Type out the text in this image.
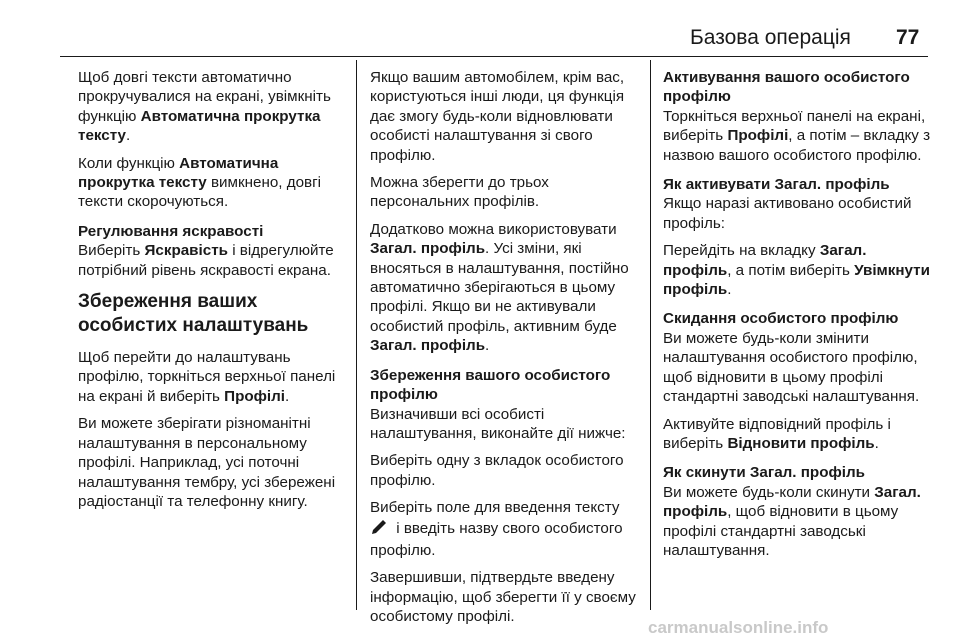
Базова операція 77

Щоб довгі тексти автоматично прокручувалися на екрані, увімкніть функцію Автоматична прокрутка тексту.

Коли функцію Автоматична прокрутка тексту вимкнено, довгі тексти скорочуються.

Регулювання яскравості

Виберіть Яскравість і відрегулюйте потрібний рівень яскравості екрана.

Збереження ваших особистих налаштувань

Щоб перейти до налаштувань профілю, торкніться верхньої панелі на екрані й виберіть Профілі.

Ви можете зберігати різноманітні налаштування в персональному профілі. Наприклад, усі поточні налаштування тембру, усі збережені радіостанції та телефонну книгу.

Якщо вашим автомобілем, крім вас, користуються інші люди, ця функція дає змогу будь-коли відновлювати особисті налаштування зі свого профілю.

Можна зберегти до трьох персональних профілів.

Додатково можна використовувати Загал. профіль. Усі зміни, які вносяться в налаштування, постійно автоматично зберігаються в цьому профілі. Якщо ви не активували особистий профіль, активним буде Загал. профіль.

Збереження вашого особистого профілю

Визначивши всі особисті налаштування, виконайте дії нижче:

Виберіть одну з вкладок особистого профілю.

Виберіть поле для введення тексту
і введіть назву свого особистого профілю.

Завершивши, підтвердьте введену інформацію, щоб зберегти її у своєму особистому профілі.

Активування вашого особистого профілю

Торкніться верхньої панелі на екрані, виберіть Профілі, а потім – вкладку з назвою вашого особистого профілю.

Як активувати Загал. профіль

Якщо наразі активовано особистий профіль:

Перейдіть на вкладку Загал. профіль, а потім виберіть Увімкнути профіль.

Скидання особистого профілю

Ви можете будь-коли змінити налаштування особистого профілю, щоб відновити в цьому профілі стандартні заводські налаштування.

Активуйте відповідний профіль і виберіть Відновити профіль.

Як скинути Загал. профіль

Ви можете будь-коли скинути Загал. профіль, щоб відновити в цьому профілі стандартні заводські налаштування.

carmanualsonline.info
